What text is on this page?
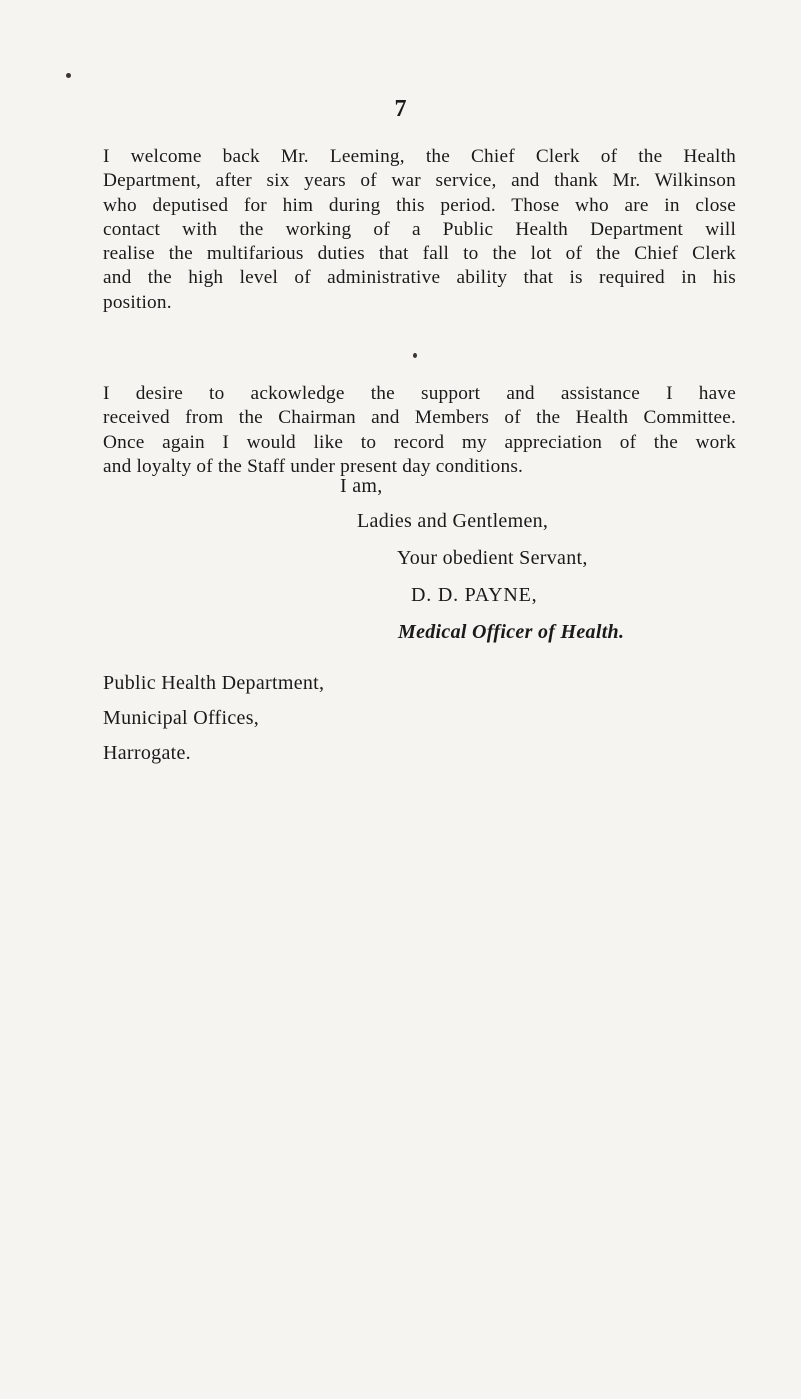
7
I welcome back Mr. Leeming, the Chief Clerk of the Health
Department, after six years of war service, and thank Mr. Wilkinson
who deputised for him during this period. Those who are in close
contact with the working of a Public Health Department will
realise the multifarious duties that fall to the lot of the Chief Clerk
and the high level of administrative ability that is required in his
position.
I desire to ackowledge the support and assistance I have
received from the Chairman and Members of the Health Committee.
Once again I would like to record my appreciation of the work
and loyalty of the Staff under present day conditions.
I am,
Ladies and Gentlemen,
Your obedient Servant,
D. D. PAYNE,
Medical Officer of Health.
Public Health Department,
Municipal Offices,
Harrogate.
